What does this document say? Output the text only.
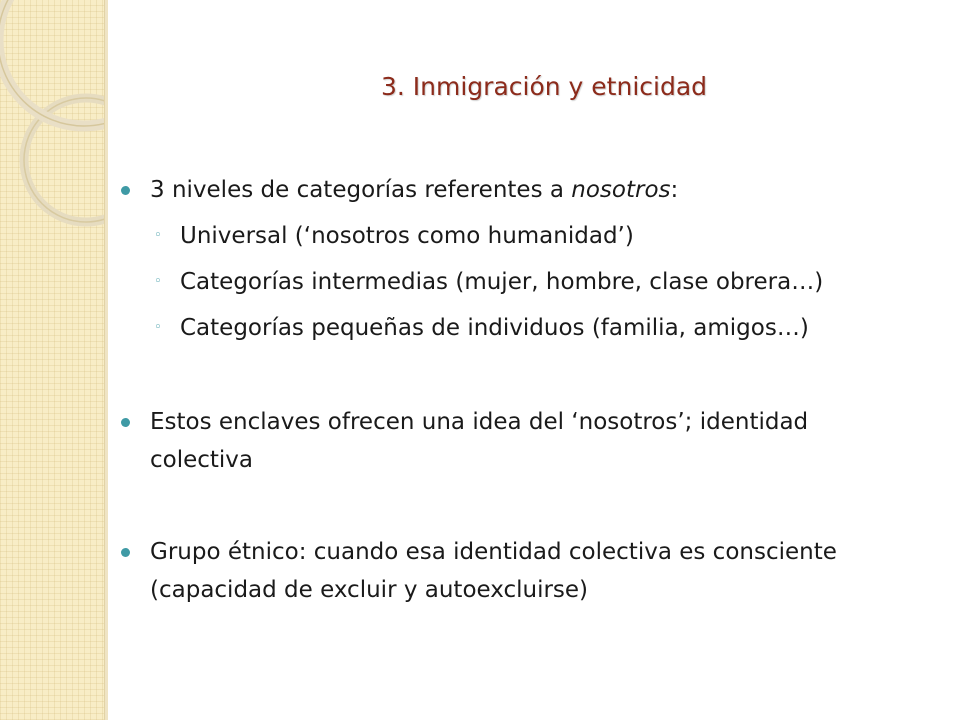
3. Inmigración y etnicidad
3 niveles de categorías referentes a nosotros:
◦ Universal (‘nosotros como humanidad’)
◦ Categorías intermedias (mujer, hombre, clase obrera…)
◦ Categorías pequeñas de individuos (familia, amigos…)
Estos enclaves ofrecen una idea del ‘nosotros’; identidad colectiva
Grupo étnico: cuando esa identidad colectiva es consciente (capacidad de excluir y autoexcluirse)
